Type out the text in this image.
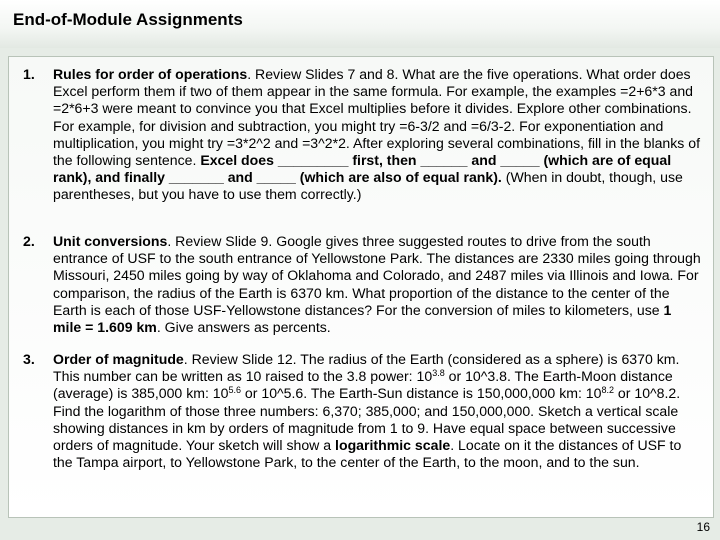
End-of-Module Assignments
1. Rules for order of operations. Review Slides 7 and 8. What are the five operations. What order does Excel perform them if two of them appear in the same formula. For example, the examples =2+6*3 and =2*6+3 were meant to convince you that Excel multiplies before it divides. Explore other combinations. For example, for division and subtraction, you might try =6-3/2 and =6/3-2. For exponentiation and multiplication, you might try =3*2^2 and =3^2*2. After exploring several combinations, fill in the blanks of the following sentence. Excel does _________ first, then ______ and _____ (which are of equal rank), and finally _______ and _____ (which are also of equal rank). (When in doubt, though, use parentheses, but you have to use them correctly.)
2. Unit conversions. Review Slide 9. Google gives three suggested routes to drive from the south entrance of USF to the south entrance of Yellowstone Park. The distances are 2330 miles going through Missouri, 2450 miles going by way of Oklahoma and Colorado, and 2487 miles via Illinois and Iowa. For comparison, the radius of the Earth is 6370 km. What proportion of the distance to the center of the Earth is each of those USF-Yellowstone distances? For the conversion of miles to kilometers, use 1 mile = 1.609 km. Give answers as percents.
3. Order of magnitude. Review Slide 12. The radius of the Earth (considered as a sphere) is 6370 km. This number can be written as 10 raised to the 3.8 power: $10^{3.8}$ or 10^3.8. The Earth-Moon distance (average) is 385,000 km: $10^{5.6}$ or 10^5.6. The Earth-Sun distance is 150,000,000 km: $10^{8.2}$ or 10^8.2. Find the logarithm of those three numbers: 6,370; 385,000; and 150,000,000. Sketch a vertical scale showing distances in km by orders of magnitude from 1 to 9. Have equal space between successive orders of magnitude. Your sketch will show a logarithmic scale. Locate on it the distances of USF to the Tampa airport, to Yellowstone Park, to the center of the Earth, to the moon, and to the sun.
16
